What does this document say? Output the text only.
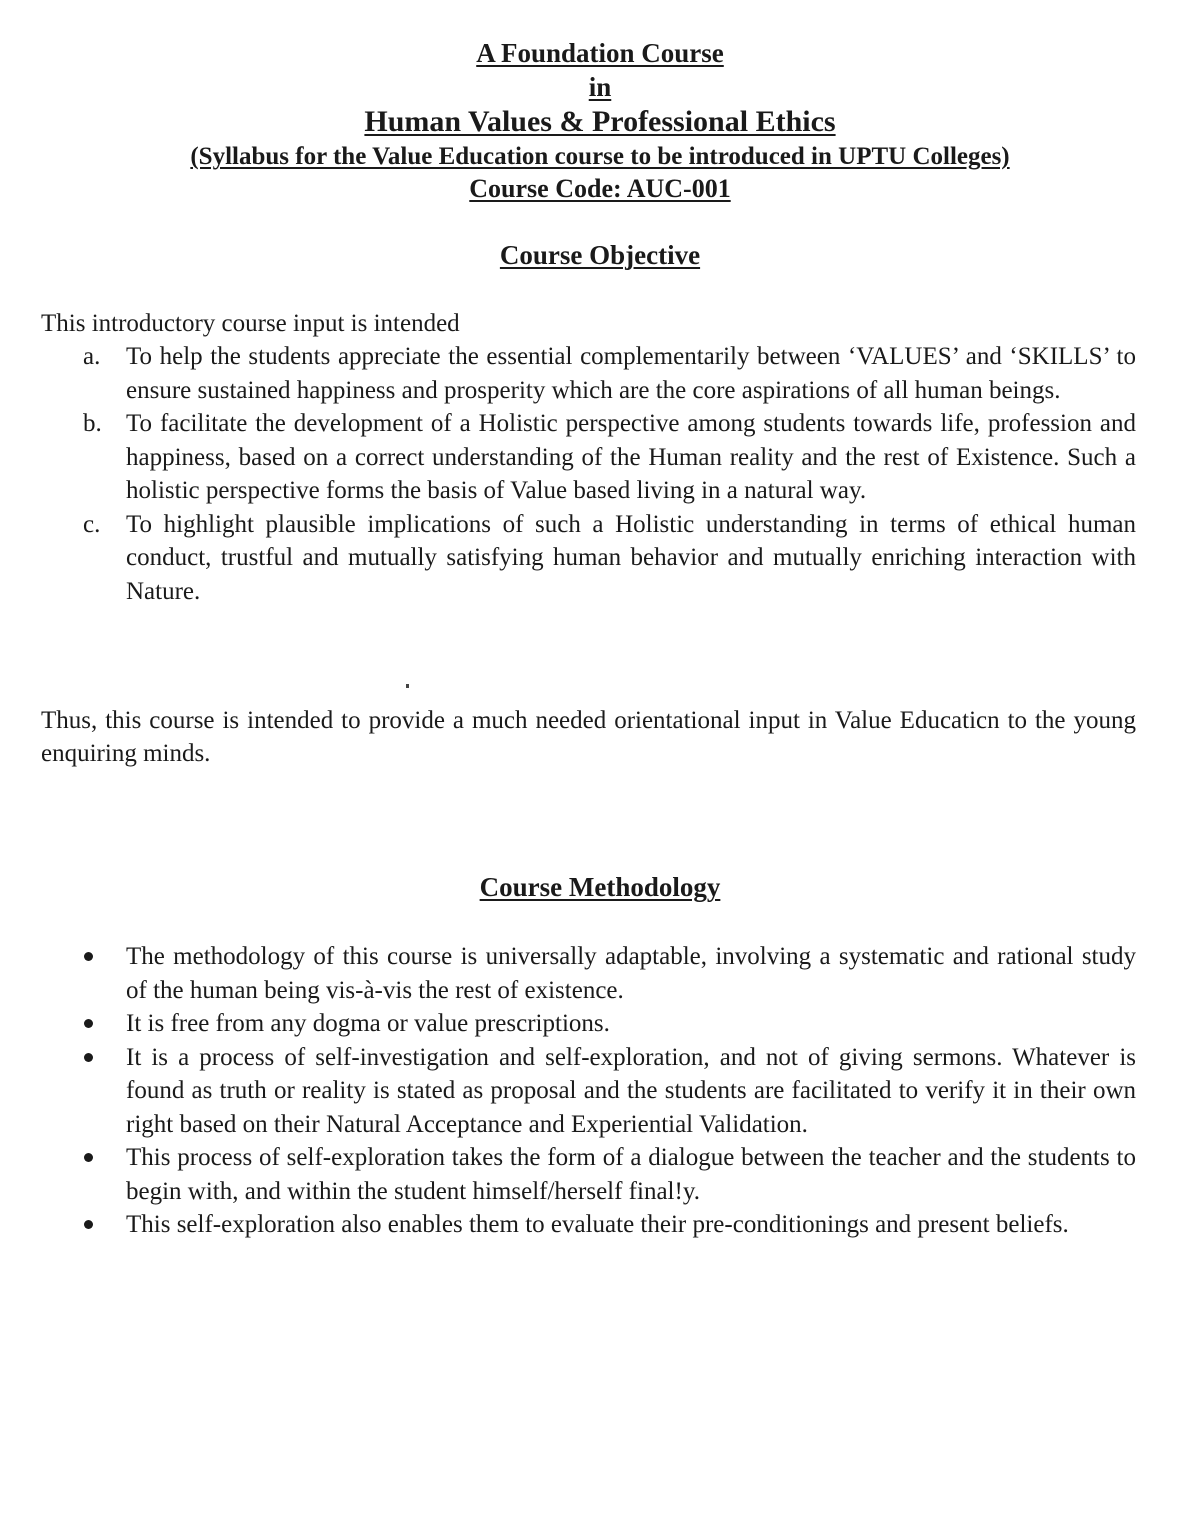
A Foundation Course
in
Human Values & Professional Ethics
(Syllabus for the Value Education course to be introduced in UPTU Colleges)
Course Code: AUC-001
Course Objective

This introductory course input is intended

a. To help the students appreciate the essential complementarily between ‘VALUES’ and ‘SKILLS’ to ensure sustained happiness and prosperity which are the core aspirations of all human beings.
b. To facilitate the development of a Holistic perspective among students towards life, profession and happiness, based on a correct understanding of the Human reality and the rest of Existence. Such a holistic perspective forms the basis of Value based living in a natural way.
c. To highlight plausible implications of such a Holistic understanding in terms of ethical human conduct, trustful and mutually satisfying human behavior and mutually enriching interaction with Nature.

Thus, this course is intended to provide a much needed orientational input in Value Educaticn to the young enquiring minds.

Course Methodology
The methodology of this course is universally adaptable, involving a systematic and rational study of the human being vis-à-vis the rest of existence.
It is free from any dogma or value prescriptions.
It is a process of self-investigation and self-exploration, and not of giving sermons. Whatever is found as truth or reality is stated as proposal and the students are facilitated to verify it in their own right based on their Natural Acceptance and Experiential Validation.
This process of self-exploration takes the form of a dialogue between the teacher and the students to begin with, and within the student himself/herself final!y.
This self-exploration also enables them to evaluate their pre-conditionings and present beliefs.
